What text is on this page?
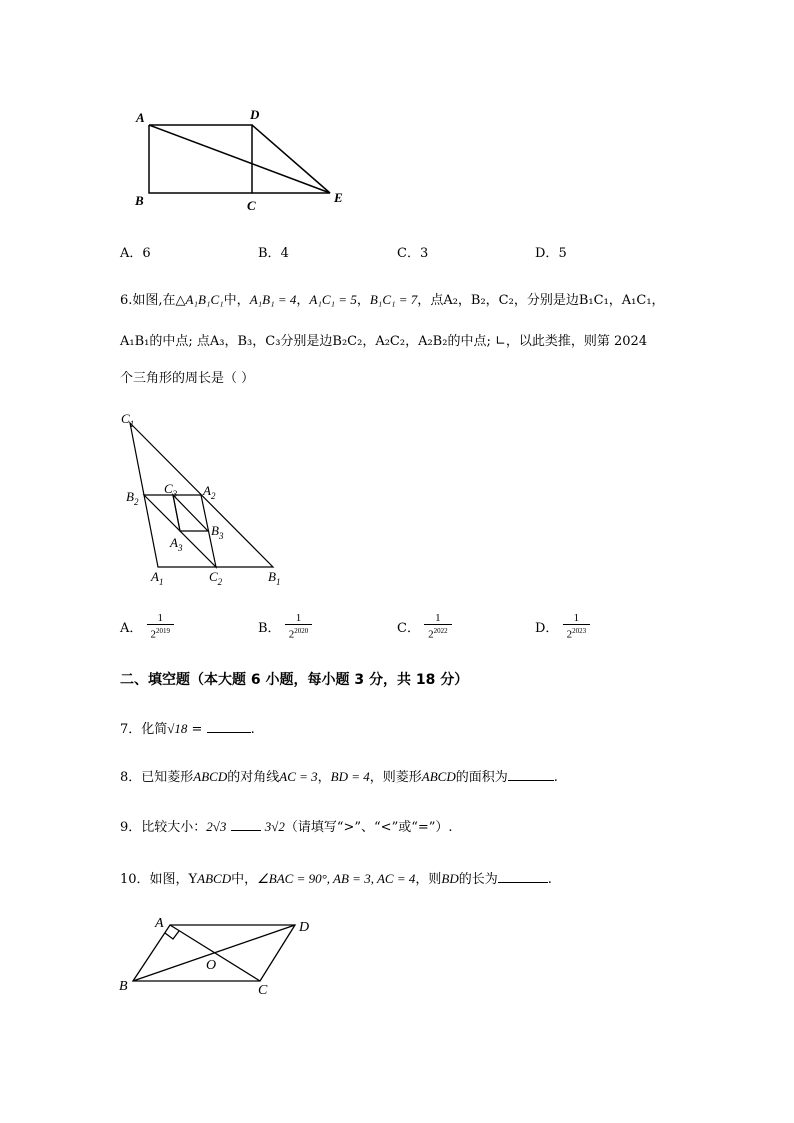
A	D
B	C
E
A．6	B．4	C．3	D．5
6.如图,在△A₁B₁C₁中，A₁B₁ = 4，A₁C₁ = 5，B₁C₁ = 7，点A₂，B₂，C₂，分别是边B₁C₁，A₁C₁，
A₁B₁的中点; 点A₃，B₃，C₃分别是边B₂C₂，A₂C₂，A₂B₂的中点; ∟，以此类推，则第 2024
个三角形的周长是（ ）
$C_1$
$B_2$
$C_3$ $A_2$
$B_3$
$A_3$
$A_1$	$C_2$	$B_1$
A． $\frac{1}{2^{2019}}$	B． $\frac{1}{2^{2020}}$	C． $\frac{1}{2^{2022}}$	D． $\frac{1}{2^{2023}}$
二、填空题（本大题 6 小题，每小题 3 分，共 18 分）
7．化简√18 =	.
8．已知菱形ABCD的对角线AC = 3，BD = 4，则菱形ABCD的面积为	.
9．比较大小：2√3	3√2（请填写“>”、“<”或“=”）.
10．如图，YABCD中，∠BAC = 90°, AB = 3, AC = 4，则BD的长为	.
A	D
B	C
O
